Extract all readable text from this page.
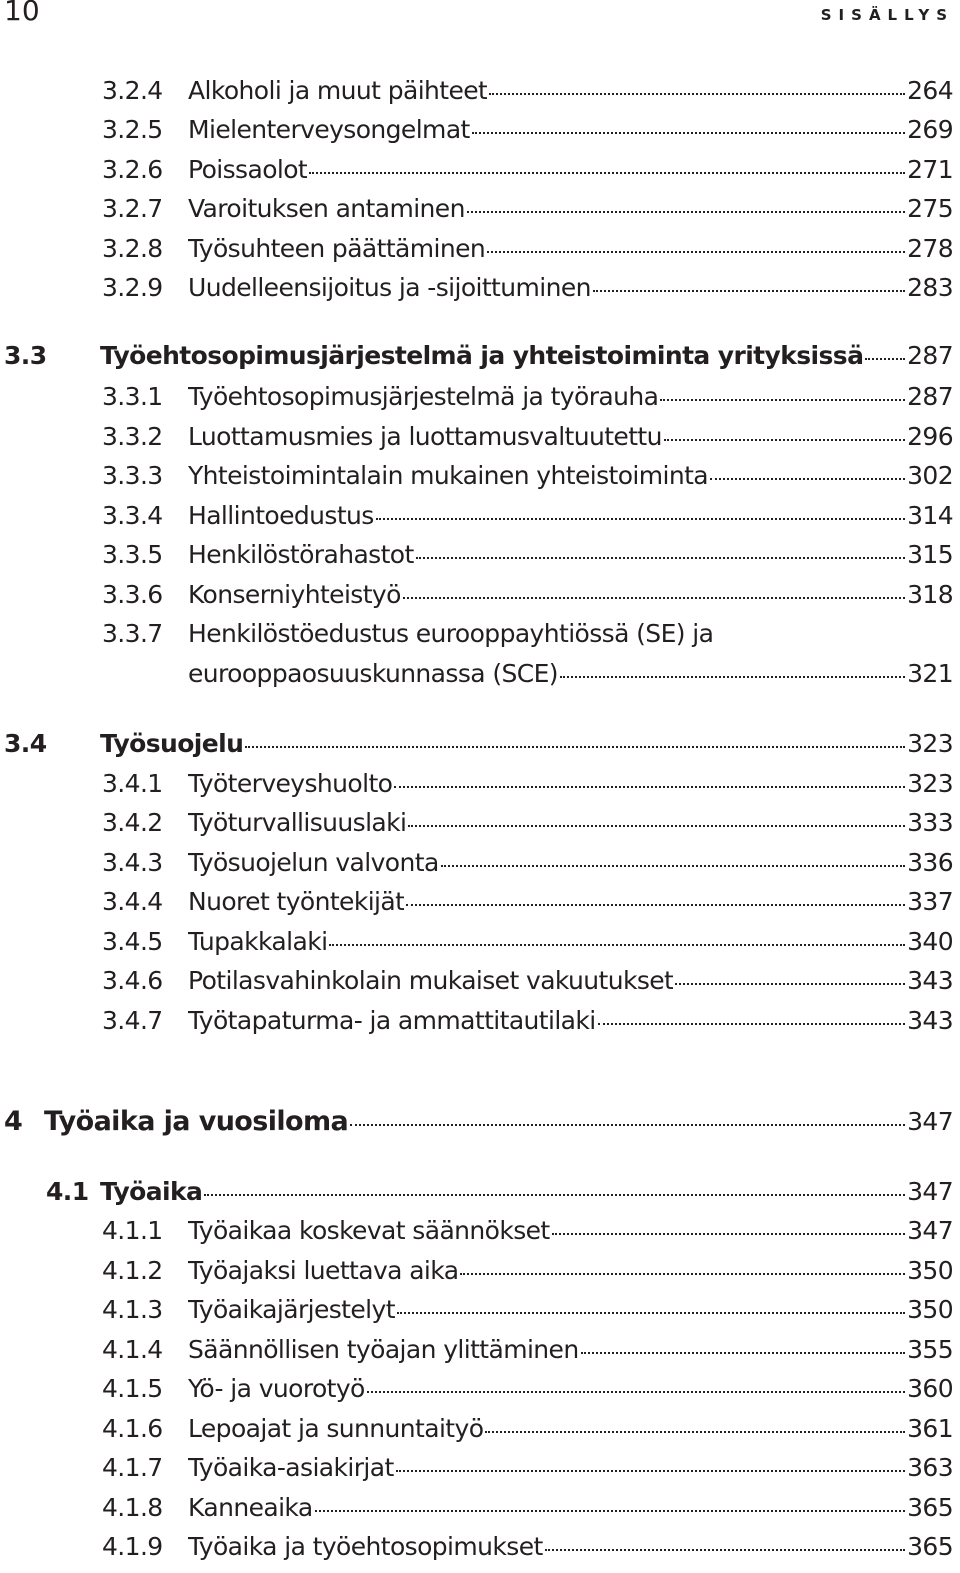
10	SISÄLLYS
3.2.4	Alkoholi ja muut päihteet	264
3.2.5	Mielenterveysongelmat	269
3.2.6	Poissaolot	271
3.2.7	Varoituksen antaminen	275
3.2.8	Työsuhteen päättäminen	278
3.2.9	Uudelleensijoitus ja -sijoittuminen	283
3.3	Työehtosopimusjärjestelmä ja yhteistoiminta yrityksissä 287
3.3.1	Työehtosopimusjärjestelmä ja työrauha	287
3.3.2	Luottamusmies ja luottamusvaltuutettu	296
3.3.3	Yhteistoimintalain mukainen yhteistoiminta	302
3.3.4	Hallintoedustus	314
3.3.5	Henkilöstörahastot	315
3.3.6	Konserniyhteistyö	318
3.3.7	Henkilöstöedustus eurooppayhtiössä (SE) ja
eurooppaosuuskunnassa (SCE)	321
3.4	Työsuojelu	323
3.4.1	Työterveyshuolto	323
3.4.2	Työturvallisuuslaki	333
3.4.3	Työsuojelun valvonta	336
3.4.4	Nuoret työntekijät	337
3.4.5	Tupakkalaki	340
3.4.6	Potilasvahinkolain mukaiset vakuutukset	343
3.4.7	Työtapaturma- ja ammattitautilaki	343
4 Työaika ja vuosiloma	347
4.1 Työaika	347
4.1.1	Työaikaa koskevat säännökset	347
4.1.2	Työajaksi luettava aika	350
4.1.3	Työaikajärjestelyt	350
4.1.4	Säännöllisen työajan ylittäminen	355
4.1.5	Yö- ja vuorotyö	360
4.1.6	Lepoajat ja sunnuntaityö	361
4.1.7	Työaika-asiakirjat	363
4.1.8	Kanneaika	365
4.1.9	Työaika ja työehtosopimukset	365
